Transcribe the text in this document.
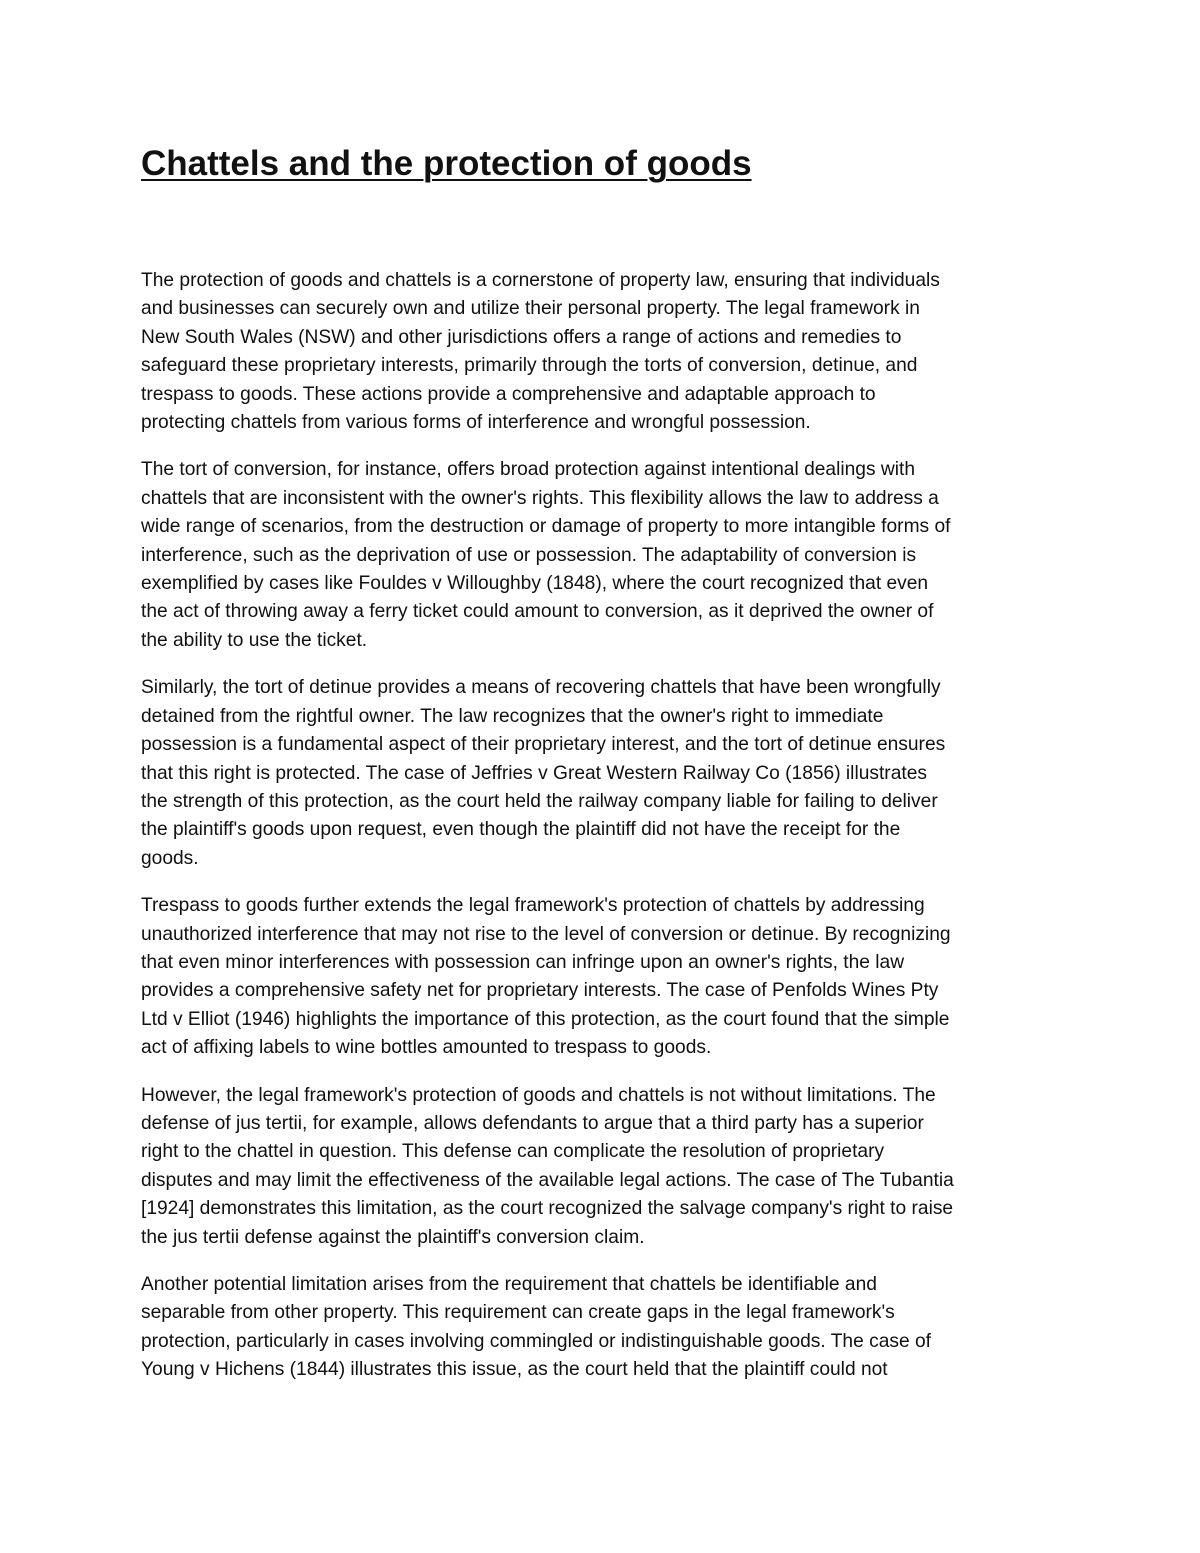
Chattels and the protection of goods

The protection of goods and chattels is a cornerstone of property law, ensuring that individuals
and businesses can securely own and utilize their personal property. The legal framework in
New South Wales (NSW) and other jurisdictions offers a range of actions and remedies to
safeguard these proprietary interests, primarily through the torts of conversion, detinue, and
trespass to goods. These actions provide a comprehensive and adaptable approach to
protecting chattels from various forms of interference and wrongful possession.

The tort of conversion, for instance, offers broad protection against intentional dealings with
chattels that are inconsistent with the owner's rights. This flexibility allows the law to address a
wide range of scenarios, from the destruction or damage of property to more intangible forms of
interference, such as the deprivation of use or possession. The adaptability of conversion is
exemplified by cases like Fouldes v Willoughby (1848), where the court recognized that even
the act of throwing away a ferry ticket could amount to conversion, as it deprived the owner of
the ability to use the ticket.

Similarly, the tort of detinue provides a means of recovering chattels that have been wrongfully
detained from the rightful owner. The law recognizes that the owner's right to immediate
possession is a fundamental aspect of their proprietary interest, and the tort of detinue ensures
that this right is protected. The case of Jeffries v Great Western Railway Co (1856) illustrates
the strength of this protection, as the court held the railway company liable for failing to deliver
the plaintiff's goods upon request, even though the plaintiff did not have the receipt for the
goods.

Trespass to goods further extends the legal framework's protection of chattels by addressing
unauthorized interference that may not rise to the level of conversion or detinue. By recognizing
that even minor interferences with possession can infringe upon an owner's rights, the law
provides a comprehensive safety net for proprietary interests. The case of Penfolds Wines Pty
Ltd v Elliot (1946) highlights the importance of this protection, as the court found that the simple
act of affixing labels to wine bottles amounted to trespass to goods.

However, the legal framework's protection of goods and chattels is not without limitations. The
defense of jus tertii, for example, allows defendants to argue that a third party has a superior
right to the chattel in question. This defense can complicate the resolution of proprietary
disputes and may limit the effectiveness of the available legal actions. The case of The Tubantia
[1924] demonstrates this limitation, as the court recognized the salvage company's right to raise
the jus tertii defense against the plaintiff's conversion claim.

Another potential limitation arises from the requirement that chattels be identifiable and
separable from other property. This requirement can create gaps in the legal framework's
protection, particularly in cases involving commingled or indistinguishable goods. The case of
Young v Hichens (1844) illustrates this issue, as the court held that the plaintiff could not
